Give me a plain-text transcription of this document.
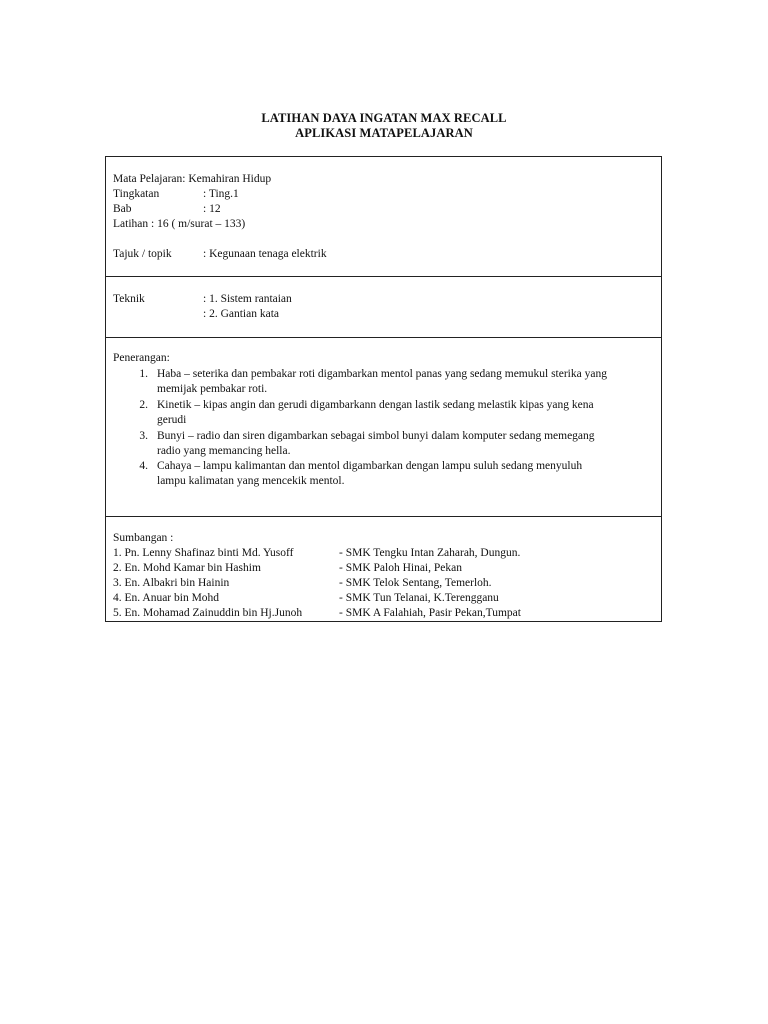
LATIHAN DAYA INGATAN MAX RECALL
APLIKASI MATAPELAJARAN
Mata Pelajaran: Kemahiran Hidup
Tingkatan	: Ting.1
Bab	: 12
Latihan : 16 ( m/surat – 133)
Tajuk / topik	: Kegunaan tenaga elektrik
Teknik	: 1. Sistem rantaian
: 2. Gantian kata
Penerangan:
1. Haba – seterika dan pembakar roti digambarkan mentol panas yang sedang memukul sterika yang
memijak pembakar roti.
2. Kinetik – kipas angin dan gerudi digambarkann dengan lastik sedang melastik kipas yang kena
gerudi
3. Bunyi – radio dan siren digambarkan sebagai simbol bunyi dalam komputer sedang memegang
radio yang memancing hella.
4. Cahaya – lampu kalimantan dan mentol digambarkan dengan lampu suluh sedang menyuluh
lampu kalimatan yang mencekik mentol.
Sumbangan :
1. Pn. Lenny Shafinaz binti Md. Yusoff	- SMK Tengku Intan Zaharah, Dungun.
2. En. Mohd Kamar bin Hashim	- SMK Paloh Hinai, Pekan
3. En. Albakri bin Hainin	- SMK Telok Sentang, Temerloh.
4. En. Anuar bin Mohd	- SMK Tun Telanai, K.Terengganu
5. En. Mohamad Zainuddin bin Hj.Junoh	- SMK A Falahiah, Pasir Pekan,Tumpat
